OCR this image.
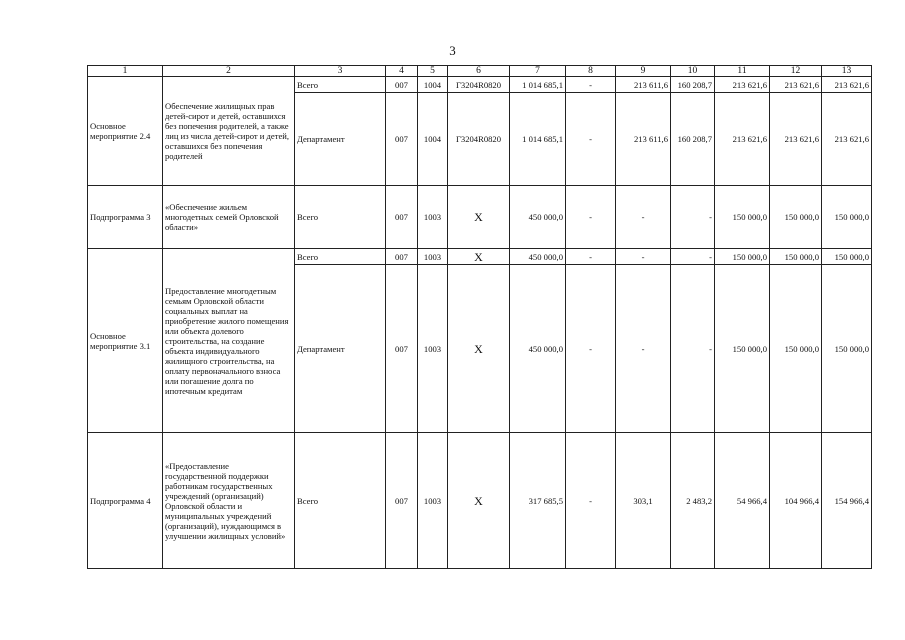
3
1	2	3	4	5	6	7	8	9	10	11	12	13
Основное мероприятие 2.4	Обеспечение жилищных прав детей-сирот и детей, оставшихся без попечения родителей, а также лиц из числа детей-сирот и детей, оставшихся без попечения родителей	Всего	007	1004	Г3204R0820	1 014 685,1	-	213 611,6	160 208,7	213 621,6	213 621,6	213 621,6
		Департамент	007	1004	Г3204R0820	1 014 685,1	-	213 611,6	160 208,7	213 621,6	213 621,6	213 621,6
Подпрограмма 3	«Обеспечение жильем многодетных семей Орловской области»	Всего	007	1003	Х	450 000,0	-	-	-	150 000,0	150 000,0	150 000,0
Основное мероприятие 3.1	Предоставление многодетным семьям Орловской области социальных выплат на приобретение жилого помещения или объекта долевого строительства, на создание объекта индивидуального жилищного строительства, на оплату первоначального взноса или погашение долга по ипотечным кредитам	Всего	007	1003	Х	450 000,0	-	-	-	150 000,0	150 000,0	150 000,0
		Департамент	007	1003	Х	450 000,0	-	-	-	150 000,0	150 000,0	150 000,0
Подпрограмма 4	«Предоставление государственной поддержки работникам государственных учреждений (организаций) Орловской области и муниципальных учреждений (организаций), нуждающимся в улучшении жилищных условий»	Всего	007	1003	Х	317 685,5	-	303,1	2 483,2	54 966,4	104 966,4	154 966,4
